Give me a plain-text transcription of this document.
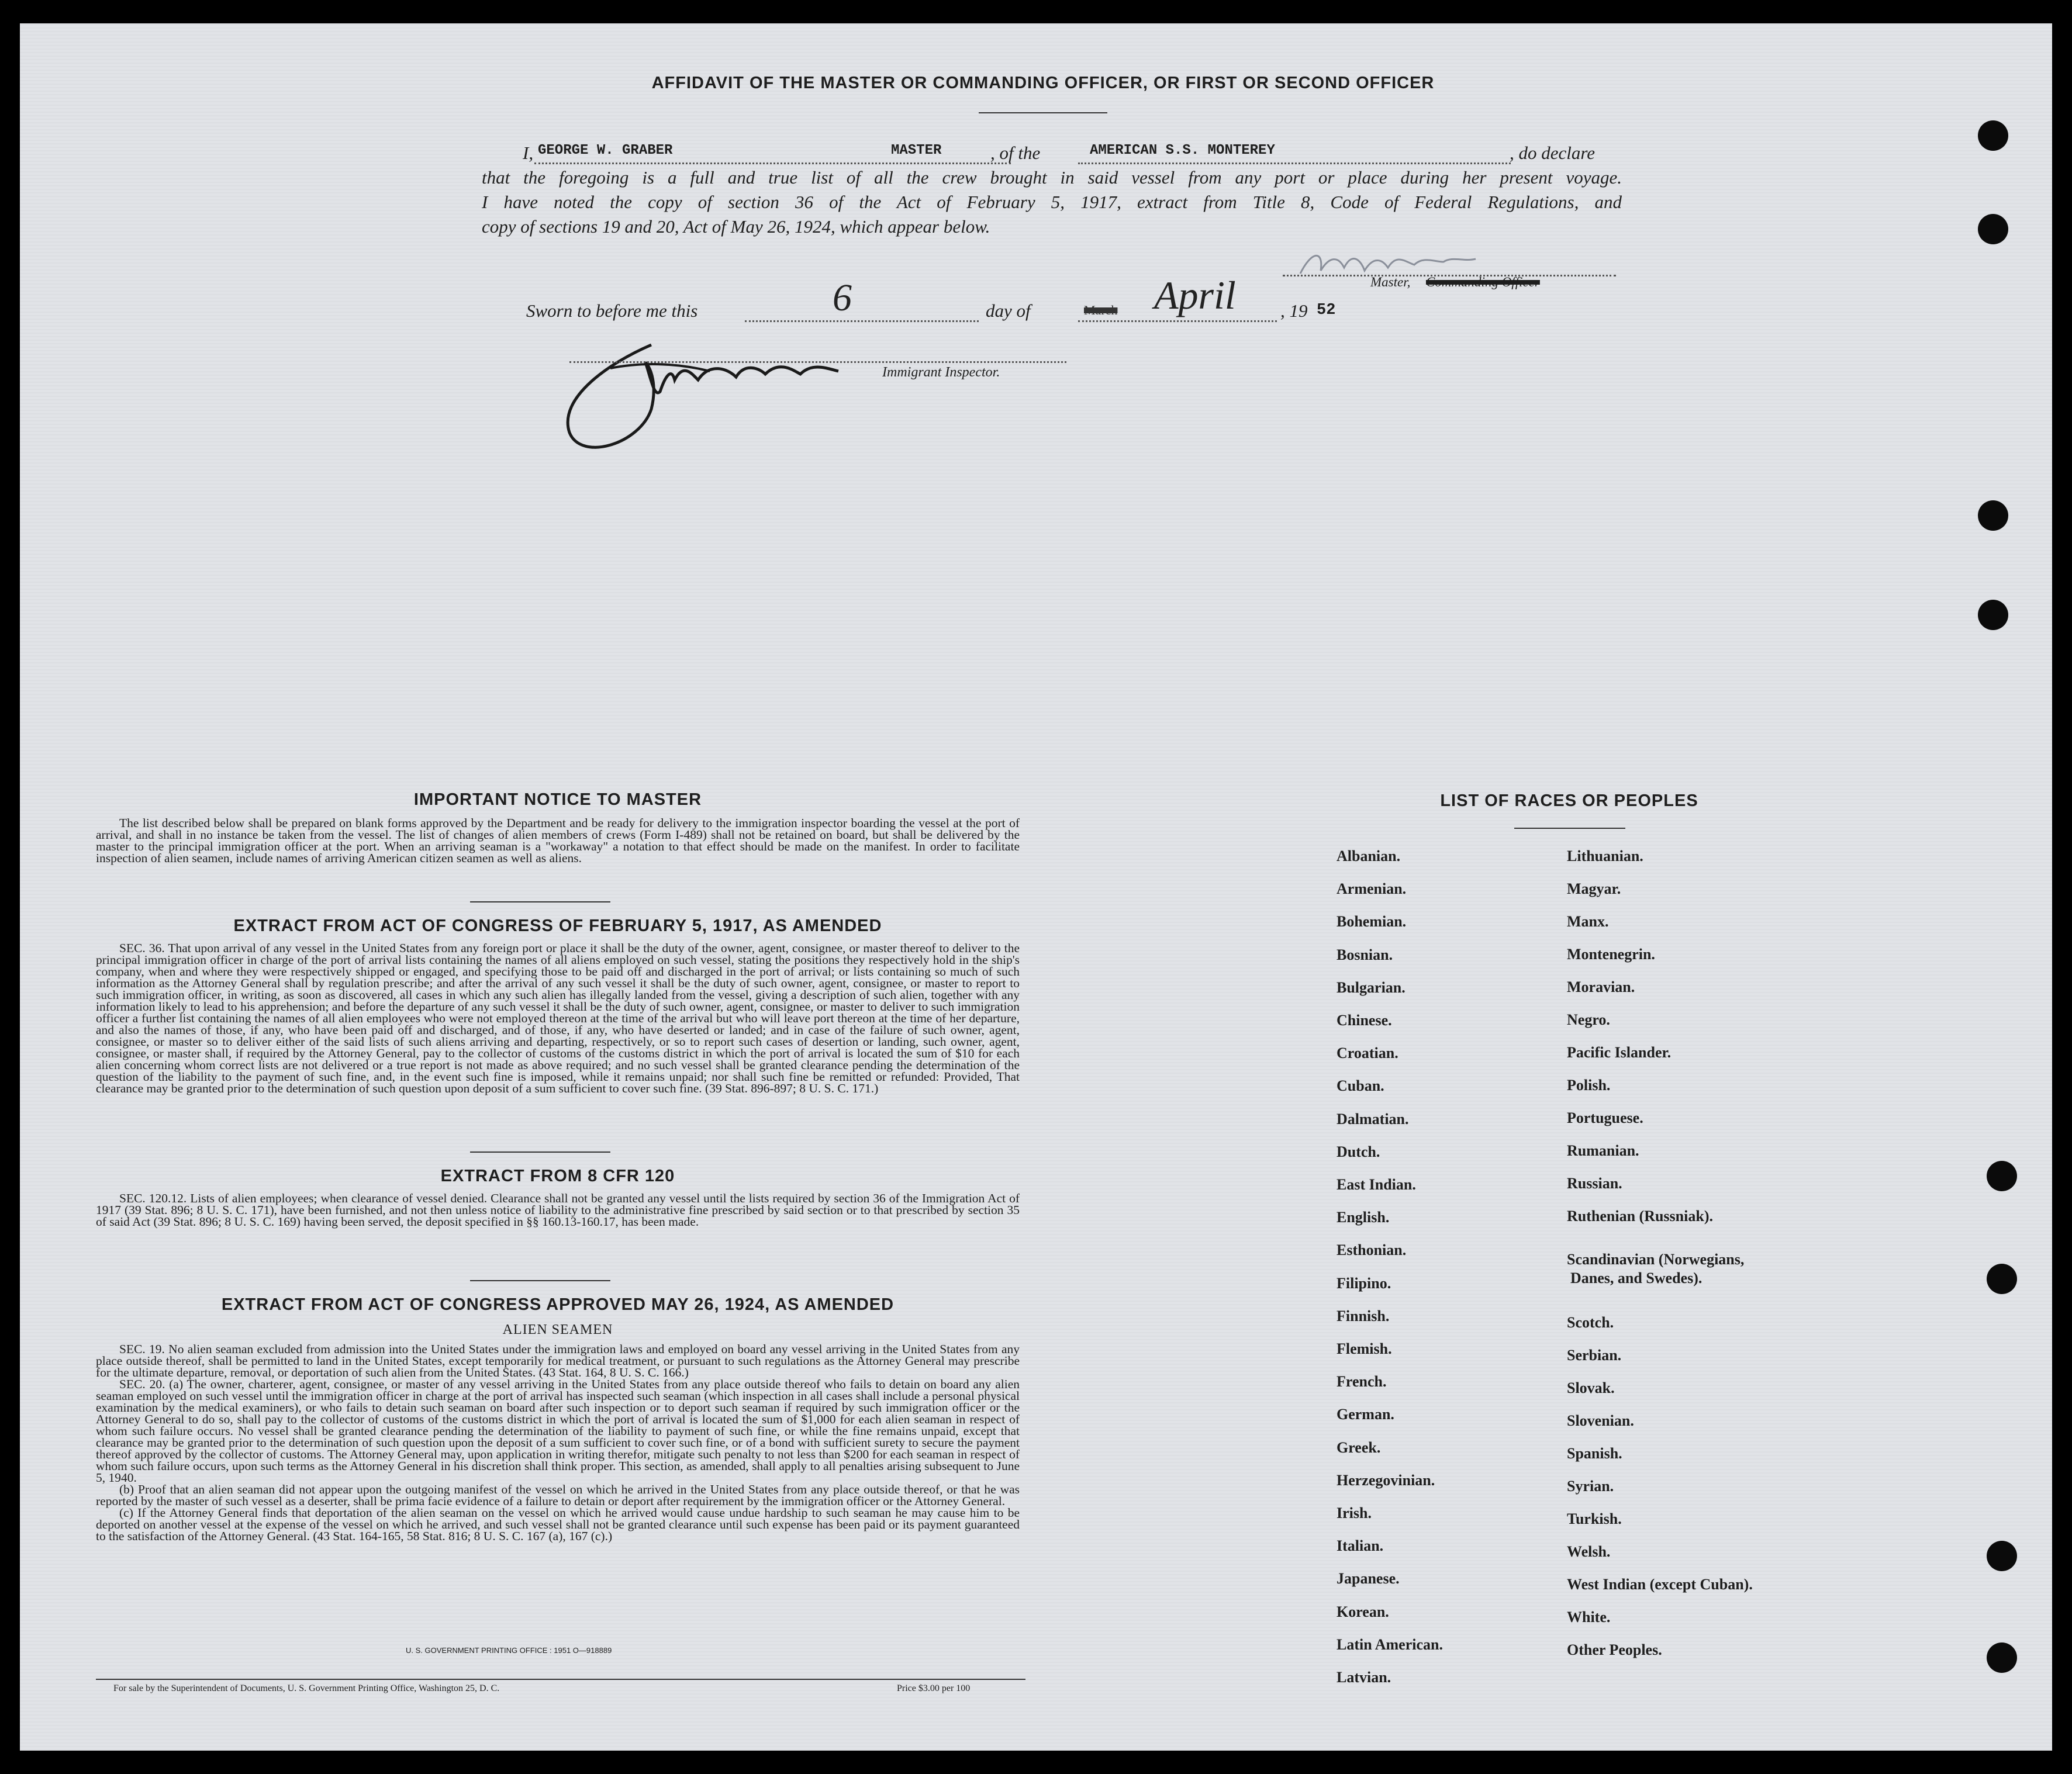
AFFIDAVIT OF THE MASTER OR COMMANDING OFFICER, OR FIRST OR SECOND OFFICER
I, GEORGE W. GRABER	MASTER	, of the	AMERICAN S.S. MONTEREY	, do declare
that the foregoing is a full and true list of all the crew brought in said vessel from any port or place during her present voyage.
I have noted the copy of section 36 of the Act of February 5, 1917, extract from Title 8, Code of Federal Regulations, and
copy of sections 19 and 20, Act of May 26, 1924, which appear below.
Master, Commanding Officer
Sworn to before me this	6	day of	March April , 19 52
Immigrant Inspector.
IMPORTANT NOTICE TO MASTER

The list described below shall be prepared on blank forms approved by the Department and be ready for delivery to the immigration inspector boarding the vessel at the port of arrival, and shall in no instance be taken from the vessel. The list of changes of alien members of crews (Form I-489) shall not be retained on board, but shall be delivered by the master to the principal immigration officer at the port. When an arriving seaman is a "workaway" a notation to that effect should be made on the manifest. In order to facilitate inspection of alien seamen, include names of arriving American citizen seamen as well as aliens.

EXTRACT FROM ACT OF CONGRESS OF FEBRUARY 5, 1917, AS AMENDED

SEC. 36. That upon arrival of any vessel in the United States from any foreign port or place it shall be the duty of the owner, agent, consignee, or master thereof to deliver to the principal immigration officer in charge of the port of arrival lists containing the names of all aliens employed on such vessel, stating the positions they respectively hold in the ship's company, when and where they were respectively shipped or engaged, and specifying those to be paid off and discharged in the port of arrival; or lists containing so much of such information as the Attorney General shall by regulation prescribe; and after the arrival of any such vessel it shall be the duty of such owner, agent, consignee, or master to report to such immigration officer, in writing, as soon as discovered, all cases in which any such alien has illegally landed from the vessel, giving a description of such alien, together with any information likely to lead to his apprehension; and before the departure of any such vessel it shall be the duty of such owner, agent, consignee, or master to deliver to such immigration officer a further list containing the names of all alien employees who were not employed thereon at the time of the arrival but who will leave port thereon at the time of her departure, and also the names of those, if any, who have been paid off and discharged, and of those, if any, who have deserted or landed; and in case of the failure of such owner, agent, consignee, or master so to deliver either of the said lists of such aliens arriving and departing, respectively, or so to report such cases of desertion or landing, such owner, agent, consignee, or master shall, if required by the Attorney General, pay to the collector of customs of the customs district in which the port of arrival is located the sum of $10 for each alien concerning whom correct lists are not delivered or a true report is not made as above required; and no such vessel shall be granted clearance pending the determination of the question of the liability to the payment of such fine, and, in the event such fine is imposed, while it remains unpaid; nor shall such fine be remitted or refunded: Provided, That clearance may be granted prior to the determination of such question upon deposit of a sum sufficient to cover such fine. (39 Stat. 896-897; 8 U. S. C. 171.)

EXTRACT FROM 8 CFR 120

SEC. 120.12. Lists of alien employees; when clearance of vessel denied. Clearance shall not be granted any vessel until the lists required by section 36 of the Immigration Act of 1917 (39 Stat. 896; 8 U. S. C. 171), have been furnished, and not then unless notice of liability to the administrative fine prescribed by said section or to that prescribed by section 35 of said Act (39 Stat. 896; 8 U. S. C. 169) having been served, the deposit specified in §§ 160.13-160.17, has been made.

EXTRACT FROM ACT OF CONGRESS APPROVED MAY 26, 1924, AS AMENDED
ALIEN SEAMEN

SEC. 19. No alien seaman excluded from admission into the United States under the immigration laws and employed on board any vessel arriving in the United States from any place outside thereof, shall be permitted to land in the United States, except temporarily for medical treatment, or pursuant to such regulations as the Attorney General may prescribe for the ultimate departure, removal, or deportation of such alien from the United States. (43 Stat. 164, 8 U. S. C. 166.)

SEC. 20. (a) The owner, charterer, agent, consignee, or master of any vessel arriving in the United States from any place outside thereof who fails to detain on board any alien seaman employed on such vessel until the immigration officer in charge at the port of arrival has inspected such seaman (which inspection in all cases shall include a personal physical examination by the medical examiners), or who fails to detain such seaman on board after such inspection or to deport such seaman if required by such immigration officer or the Attorney General to do so, shall pay to the collector of customs of the customs district in which the port of arrival is located the sum of $1,000 for each alien seaman in respect of whom such failure occurs. No vessel shall be granted clearance pending the determination of the liability to payment of such fine, or while the fine remains unpaid, except that clearance may be granted prior to the determination of such question upon the deposit of a sum sufficient to cover such fine, or of a bond with sufficient surety to secure the payment thereof approved by the collector of customs. The Attorney General may, upon application in writing therefor, mitigate such penalty to not less than $200 for each seaman in respect of whom such failure occurs, upon such terms as the Attorney General in his discretion shall think proper. This section, as amended, shall apply to all penalties arising subsequent to June 5, 1940.

(b) Proof that an alien seaman did not appear upon the outgoing manifest of the vessel on which he arrived in the United States from any place outside thereof, or that he was reported by the master of such vessel as a deserter, shall be prima facie evidence of a failure to detain or deport after requirement by the immigration officer or the Attorney General.

(c) If the Attorney General finds that deportation of the alien seaman on the vessel on which he arrived would cause undue hardship to such seaman he may cause him to be deported on another vessel at the expense of the vessel on which he arrived, and such vessel shall not be granted clearance until such expense has been paid or its payment guaranteed to the satisfaction of the Attorney General. (43 Stat. 164-165, 58 Stat. 816; 8 U. S. C. 167 (a), 167 (c).)

U. S. GOVERNMENT PRINTING OFFICE : 1951 O—918889
For sale by the Superintendent of Documents, U. S. Government Printing Office, Washington 25, D. C.	Price $3.00 per 100
LIST OF RACES OR PEOPLES
Albanian.
Armenian.
Bohemian.
Bosnian.
Bulgarian.
Chinese.
Croatian.
Cuban.
Dalmatian.
Dutch.
East Indian.
English.
Esthonian.
Filipino.
Finnish.
Flemish.
French.
German.
Greek.
Herzegovinian.
Irish.
Italian.
Japanese.
Korean.
Latin American.
Latvian.
Lithuanian.
Magyar.
Manx.
Montenegrin.
Moravian.
Negro.
Pacific Islander.
Polish.
Portuguese.
Rumanian.
Russian.
Ruthenian (Russniak).
Scandinavian (Norwegians,
Danes, and Swedes).
Scotch.
Serbian.
Slovak.
Slovenian.
Spanish.
Syrian.
Turkish.
Welsh.
West Indian (except Cuban).
White.
Other Peoples.
